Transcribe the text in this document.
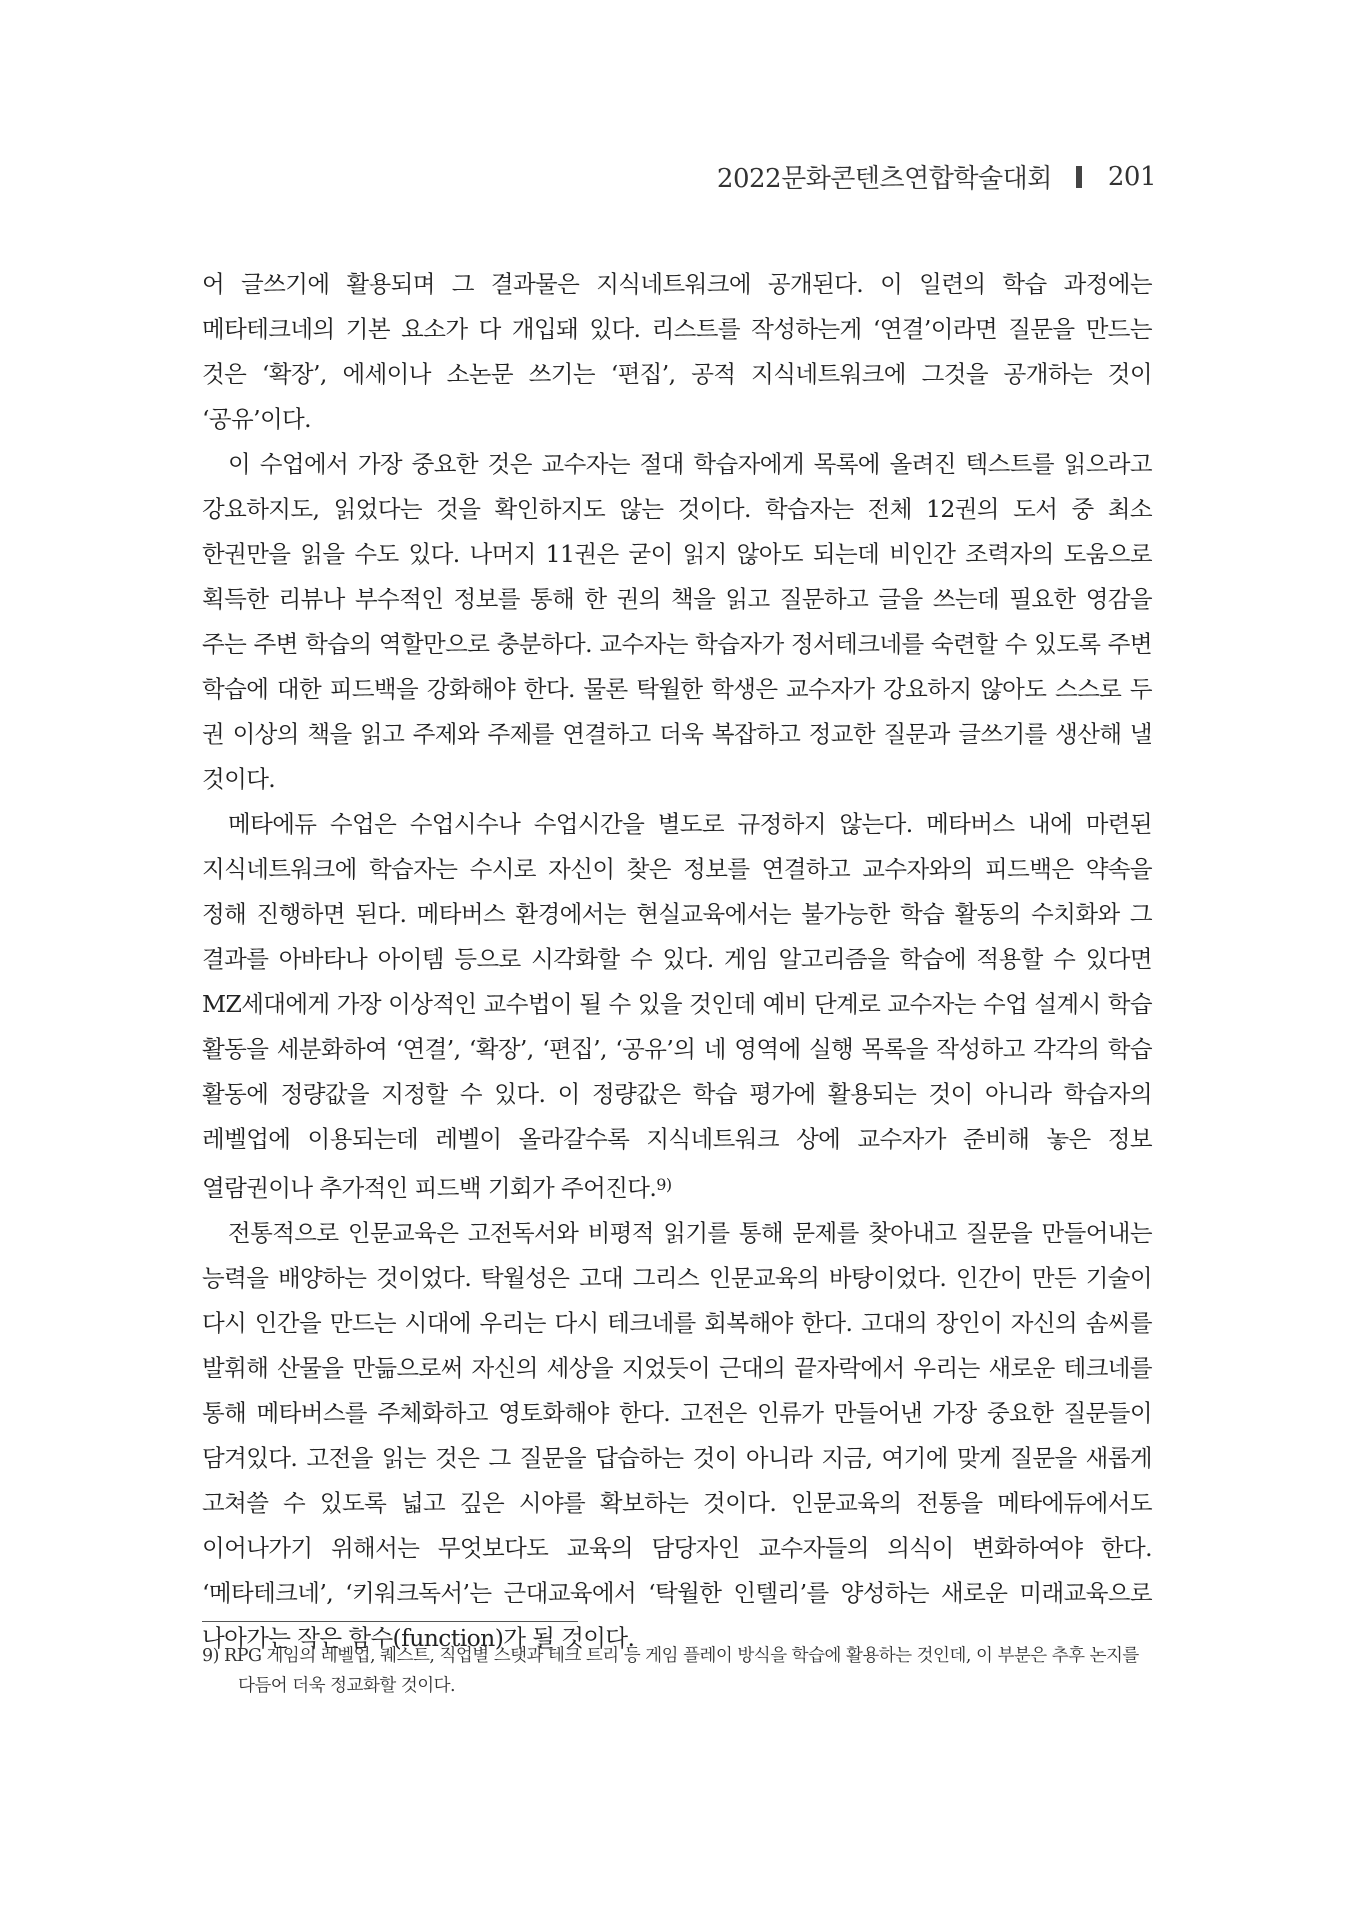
2022문화콘텐츠연합학술대회 201

어 글쓰기에 활용되며 그 결과물은 지식네트워크에 공개된다. 이 일련의 학습 과정에는 메타테크네의 기본 요소가 다 개입돼 있다. 리스트를 작성하는게 ‘연결’이라면 질문을 만드는 것은 ‘확장’, 에세이나 소논문 쓰기는 ‘편집’, 공적 지식네트워크에 그것을 공개하는 것이 ‘공유’이다.

이 수업에서 가장 중요한 것은 교수자는 절대 학습자에게 목록에 올려진 텍스트를 읽으라고 강요하지도, 읽었다는 것을 확인하지도 않는 것이다. 학습자는 전체 12권의 도서 중 최소 한권만을 읽을 수도 있다. 나머지 11권은 굳이 읽지 않아도 되는데 비인간 조력자의 도움으로 획득한 리뷰나 부수적인 정보를 통해 한 권의 책을 읽고 질문하고 글을 쓰는데 필요한 영감을 주는 주변 학습의 역할만으로 충분하다. 교수자는 학습자가 정서테크네를 숙련할 수 있도록 주변 학습에 대한 피드백을 강화해야 한다. 물론 탁월한 학생은 교수자가 강요하지 않아도 스스로 두 권 이상의 책을 읽고 주제와 주제를 연결하고 더욱 복잡하고 정교한 질문과 글쓰기를 생산해 낼 것이다.

메타에듀 수업은 수업시수나 수업시간을 별도로 규정하지 않는다. 메타버스 내에 마련된 지식네트워크에 학습자는 수시로 자신이 찾은 정보를 연결하고 교수자와의 피드백은 약속을 정해 진행하면 된다. 메타버스 환경에서는 현실교육에서는 불가능한 학습 활동의 수치화와 그 결과를 아바타나 아이템 등으로 시각화할 수 있다. 게임 알고리즘을 학습에 적용할 수 있다면 MZ세대에게 가장 이상적인 교수법이 될 수 있을 것인데 예비 단계로 교수자는 수업 설계시 학습 활동을 세분화하여 ‘연결’, ‘확장’, ‘편집’, ‘공유’의 네 영역에 실행 목록을 작성하고 각각의 학습 활동에 정량값을 지정할 수 있다. 이 정량값은 학습 평가에 활용되는 것이 아니라 학습자의 레벨업에 이용되는데 레벨이 올라갈수록 지식네트워크 상에 교수자가 준비해 놓은 정보 열람권이나 추가적인 피드백 기회가 주어진다.$^{9)}$

전통적으로 인문교육은 고전독서와 비평적 읽기를 통해 문제를 찾아내고 질문을 만들어내는 능력을 배양하는 것이었다. 탁월성은 고대 그리스 인문교육의 바탕이었다. 인간이 만든 기술이 다시 인간을 만드는 시대에 우리는 다시 테크네를 회복해야 한다. 고대의 장인이 자신의 솜씨를 발휘해 산물을 만듦으로써 자신의 세상을 지었듯이 근대의 끝자락에서 우리는 새로운 테크네를 통해 메타버스를 주체화하고 영토화해야 한다. 고전은 인류가 만들어낸 가장 중요한 질문들이 담겨있다. 고전을 읽는 것은 그 질문을 답습하는 것이 아니라 지금, 여기에 맞게 질문을 새롭게 고쳐쓸 수 있도록 넓고 깊은 시야를 확보하는 것이다. 인문교육의 전통을 메타에듀에서도 이어나가기 위해서는 무엇보다도 교육의 담당자인 교수자들의 의식이 변화하여야 한다. ‘메타테크네’, ‘키워크독서’는 근대교육에서 ‘탁월한 인텔리’를 양성하는 새로운 미래교육으로 나아가는 작은 함수(function)가 될 것이다.

9) RPG 게임의 레벨업, 퀘스트, 직업별 스탯과 테크 트리 등 게임 플레이 방식을 학습에 활용하는 것인데, 이 부분은 추후 논지를 다듬어 더욱 정교화할 것이다.
